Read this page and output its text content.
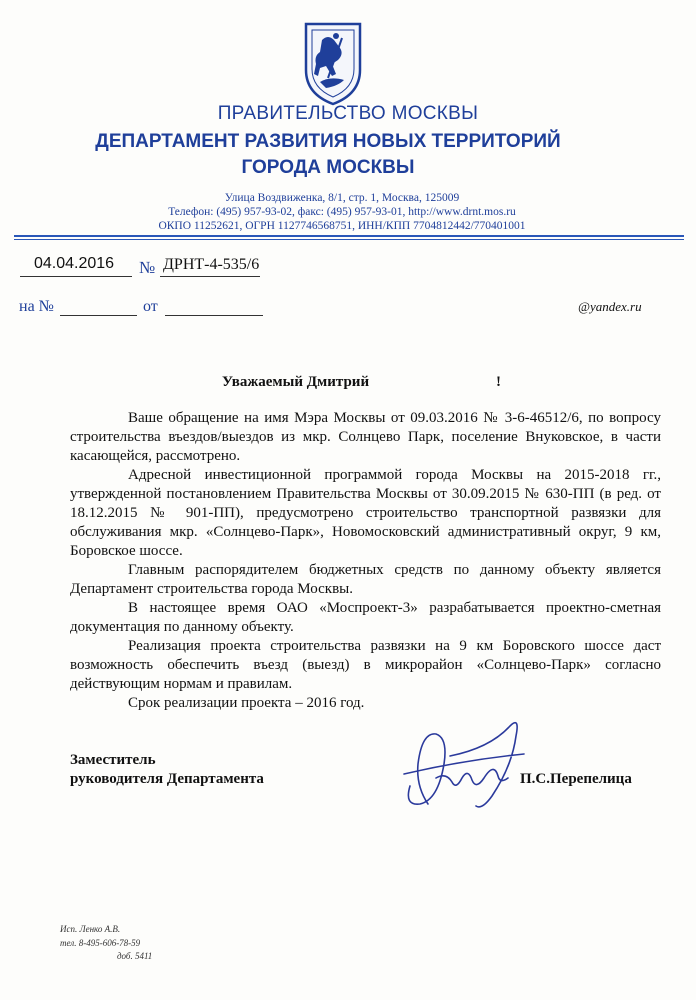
ПРАВИТЕЛЬСТВО МОСКВЫ
ДЕПАРТАМЕНТ РАЗВИТИЯ НОВЫХ ТЕРРИТОРИЙ
ГОРОДА МОСКВЫ
Улица Воздвиженка, 8/1, стр. 1, Москва, 125009
Телефон: (495) 957-93-02, факс: (495) 957-93-01, http://www.drnt.mos.ru
ОКПО 11252621, ОГРН 1127746568751, ИНН/КПП 7704812442/770401001
04.04.2016 № ДРНТ-4-535/6
на №	от	@yandex.ru
Уважаемый Дмитрий	!

Ваше обращение на имя Мэра Москвы от 09.03.2016 № 3-6-46512/6, по вопросу строительства въездов/выездов из мкр. Солнцево Парк, поселение Внуковское, в части касающейся, рассмотрено.

Адресной инвестиционной программой города Москвы на 2015-2018 гг., утвержденной постановлением Правительства Москвы от 30.09.2015 № 630-ПП (в ред. от 18.12.2015 № 901-ПП), предусмотрено строительство транспортной развязки для обслуживания мкр. «Солнцево-Парк», Новомосковский административный округ, 9 км, Боровское шоссе.

Главным распорядителем бюджетных средств по данному объекту является Департамент строительства города Москвы.

В настоящее время ОАО «Моспроект-3» разрабатывается проектно-сметная документация по данному объекту.

Реализация проекта строительства развязки на 9 км Боровского шоссе даст возможность обеспечить въезд (выезд) в микрорайон «Солнцево-Парк» согласно действующим нормам и правилам.

Срок реализации проекта – 2016 год.

Заместитель
руководителя Департамента	П.С.Перепелица
Исп. Ленко А.В.
тел. 8-495-606-78-59
доб. 5411
